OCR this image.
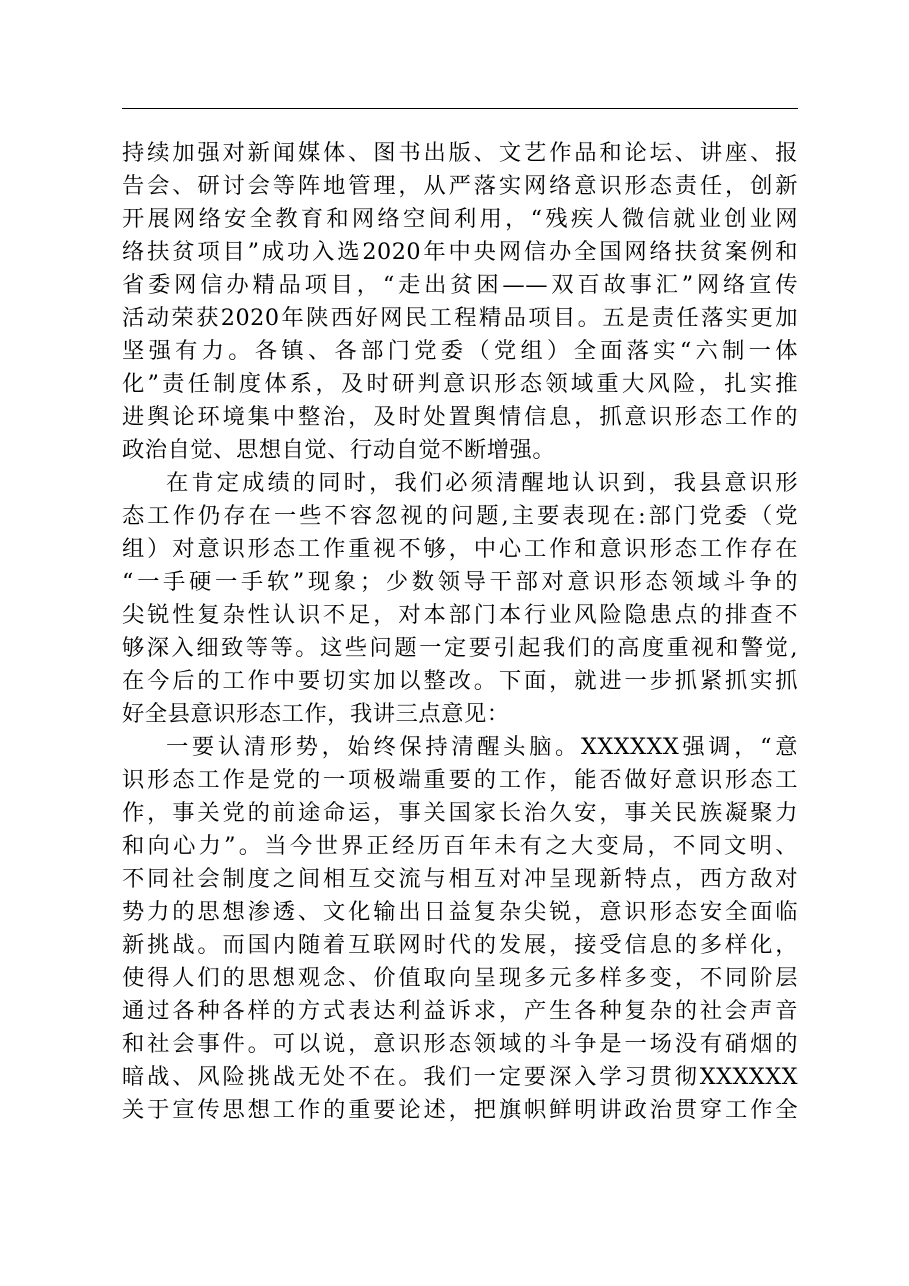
持续加强对新闻媒体、图书出版、文艺作品和论坛、讲座、报
告会、研讨会等阵地管理，从严落实网络意识形态责任，创新
开展网络安全教育和网络空间利用，“残疾人微信就业创业网
络扶贫项目”成功入选2020年中央网信办全国网络扶贫案例和
省委网信办精品项目，“走出贫困——双百故事汇”网络宣传
活动荣获2020年陕西好网民工程精品项目。五是责任落实更加
坚强有力。各镇、各部门党委（党组）全面落实“六制一体
化”责任制度体系，及时研判意识形态领域重大风险，扎实推
进舆论环境集中整治，及时处置舆情信息，抓意识形态工作的
政治自觉、思想自觉、行动自觉不断增强。
在肯定成绩的同时，我们必须清醒地认识到，我县意识形
态工作仍存在一些不容忽视的问题,主要表现在:部门党委（党
组）对意识形态工作重视不够，中心工作和意识形态工作存在
“一手硬一手软”现象；少数领导干部对意识形态领域斗争的
尖锐性复杂性认识不足，对本部门本行业风险隐患点的排查不
够深入细致等等。这些问题一定要引起我们的高度重视和警觉,
在今后的工作中要切实加以整改。下面，就进一步抓紧抓实抓
好全县意识形态工作，我讲三点意见：
一要认清形势，始终保持清醒头脑。XXXXXX强调，“意
识形态工作是党的一项极端重要的工作，能否做好意识形态工
作，事关党的前途命运，事关国家长治久安，事关民族凝聚力
和向心力”。当今世界正经历百年未有之大变局，不同文明、
不同社会制度之间相互交流与相互对冲呈现新特点，西方敌对
势力的思想渗透、文化输出日益复杂尖锐，意识形态安全面临
新挑战。而国内随着互联网时代的发展，接受信息的多样化，
使得人们的思想观念、价值取向呈现多元多样多变，不同阶层
通过各种各样的方式表达利益诉求，产生各种复杂的社会声音
和社会事件。可以说，意识形态领域的斗争是一场没有硝烟的
暗战、风险挑战无处不在。我们一定要深入学习贯彻XXXXXX
关于宣传思想工作的重要论述，把旗帜鲜明讲政治贯穿工作全
